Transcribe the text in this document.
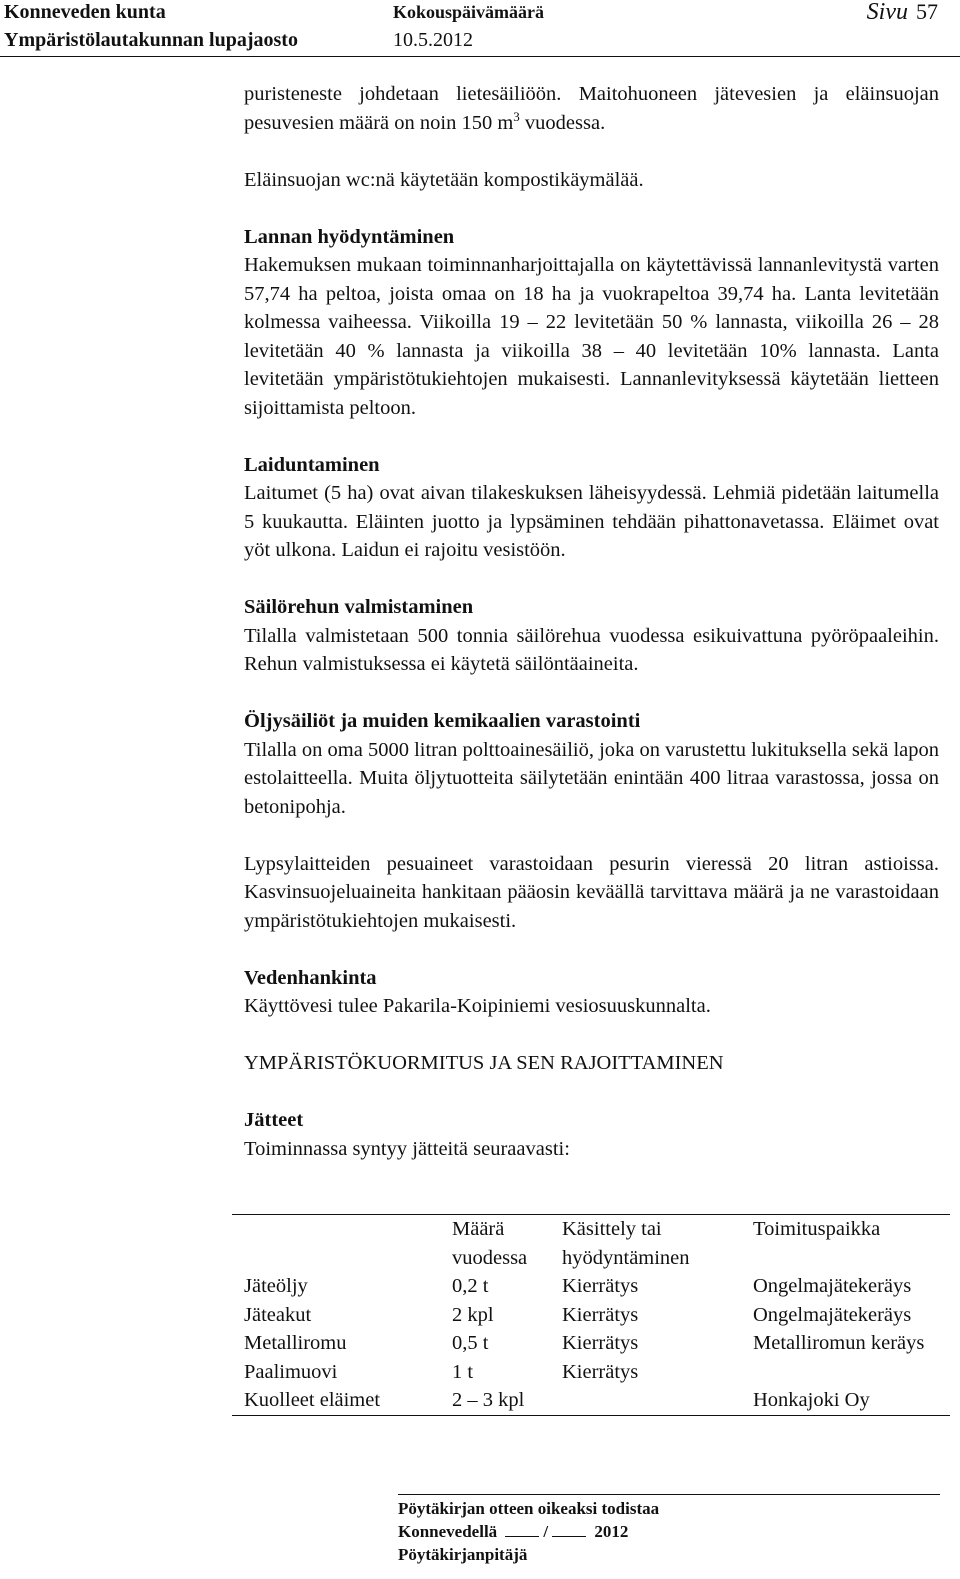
Konneveden kunta
Ympäristölautakunnan lupajaosto
Kokouspäivämäärä
10.5.2012
Sivu 57

puristeneste johdetaan lietesäiliöön. Maitohuoneen jätevesien ja eläinsuojan pesuvesien määrä on noin 150 $m^3$ vuodessa.

Eläinsuojan wc:nä käytetään kompostikäymälää.

Lannan hyödyntäminen

Hakemuksen mukaan toiminnanharjoittajalla on käytettävissä lannanlevitystä varten 57,74 ha peltoa, joista omaa on 18 ha ja vuokrapeltoa 39,74 ha. Lanta levitetään kolmessa vaiheessa. Viikoilla 19 – 22 levitetään 50 % lannasta, viikoilla 26 – 28 levitetään 40 % lannasta ja viikoilla 38 – 40 levitetään 10% lannasta. Lanta levitetään ympäristötukiehtojen mukaisesti. Lannanlevityksessä käytetään lietteen sijoittamista peltoon.

Laiduntaminen

Laitumet (5 ha) ovat aivan tilakeskuksen läheisyydessä. Lehmiä pidetään laitumella 5 kuukautta. Eläinten juotto ja lypsäminen tehdään pihattonavetassa. Eläimet ovat yöt ulkona. Laidun ei rajoitu vesistöön.

Säilörehun valmistaminen

Tilalla valmistetaan 500 tonnia säilörehua vuodessa esikuivattuna pyöröpaaleihin. Rehun valmistuksessa ei käytetä säilöntäaineita.

Öljysäiliöt ja muiden kemikaalien varastointi

Tilalla on oma 5000 litran polttoainesäiliö, joka on varustettu lukituksella sekä lapon estolaitteella. Muita öljytuotteita säilytetään enintään 400 litraa varastossa, jossa on betonipohja.

Lypsylaitteiden pesuaineet varastoidaan pesurin vieressä 20 litran astioissa. Kasvinsuojeluaineita hankitaan pääosin keväällä tarvittava määrä ja ne varastoidaan ympäristötukiehtojen mukaisesti.

Vedenhankinta

Käyttövesi tulee Pakarila-Koipiniemi vesiosuuskunnalta.

YMPÄRISTÖKUORMITUS JA SEN RAJOITTAMINEN

Jätteet

Toiminnassa syntyy jätteitä seuraavasti:

	Määrä vuodessa	Käsittely tai hyödyntäminen	Toimituspaikka
Jäteöljy	0,2 t	Kierrätys	Ongelmajätekeräys
Jäteakut	2 kpl	Kierrätys	Ongelmajätekeräys
Metalliromu	0,5 t	Kierrätys	Metalliromun keräys
Paalimuovi	1 t	Kierrätys	
Kuolleet eläimet	2 – 3 kpl		Honkajoki Oy
Pöytäkirjan otteen oikeaksi todistaa
Konnevedellä	/	2012
Pöytäkirjanpitäjä
